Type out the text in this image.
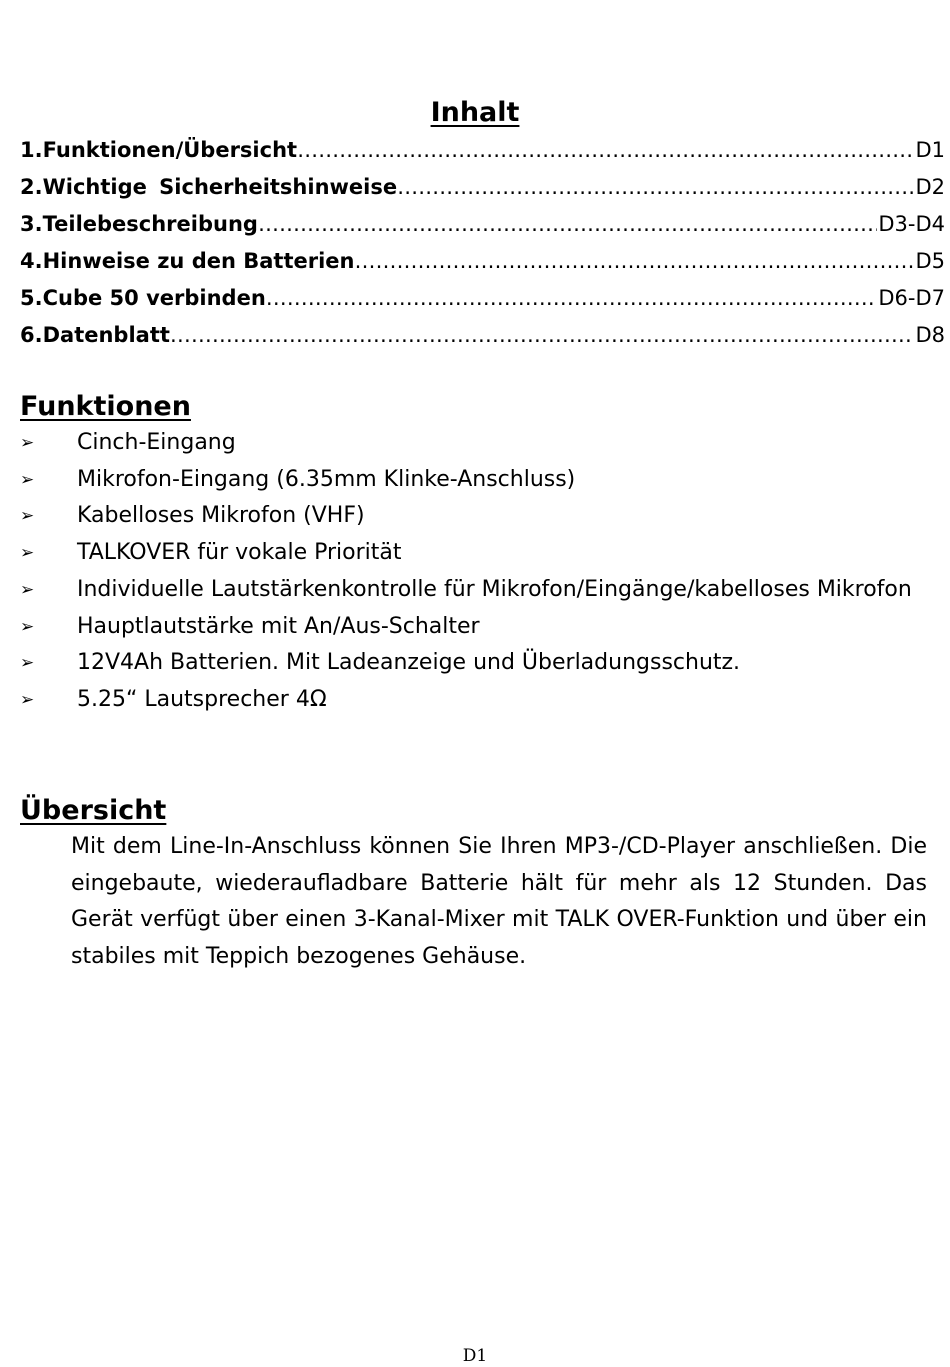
Inhalt
1. Funktionen/Übersicht ……………………………………………………………………………………………………………………………………………	D1
2. Wichtige Sicherheitshinweise ……………………………………………………………………………………………………………………………………………	D2
3. Teilebeschreibung ……………………………………………………………………………………………………………………………………………	D3-D4
4. Hinweise zu den Batterien ……………………………………………………………………………………………………………………………………………	D5
5. Cube 50 verbinden ……………………………………………………………………………………………………………………………………………	D6-D7
6. Datenblatt ……………………………………………………………………………………………………………………………………………	D8
Funktionen
➢	Cinch-Eingang
➢	Mikrofon-Eingang (6.35mm Klinke-Anschluss)
➢	Kabelloses Mikrofon (VHF)
➢	TALKOVER für vokale Priorität
➢	Individuelle Lautstärkenkontrolle für Mikrofon/Eingänge/kabelloses Mikrofon
➢	Hauptlautstärke mit An/Aus-Schalter
➢	12V4Ah Batterien. Mit Ladeanzeige und Überladungsschutz.
➢	5.25“ Lautsprecher 4Ω
Übersicht

Mit dem Line-In-Anschluss können Sie Ihren MP3-/CD-Player anschließen. Die eingebaute, wiederaufladbare Batterie hält für mehr als 12 Stunden. Das Gerät verfügt über einen 3-Kanal-Mixer mit TALK OVER-Funktion und über ein stabiles mit Teppich bezogenes Gehäuse.

D1
